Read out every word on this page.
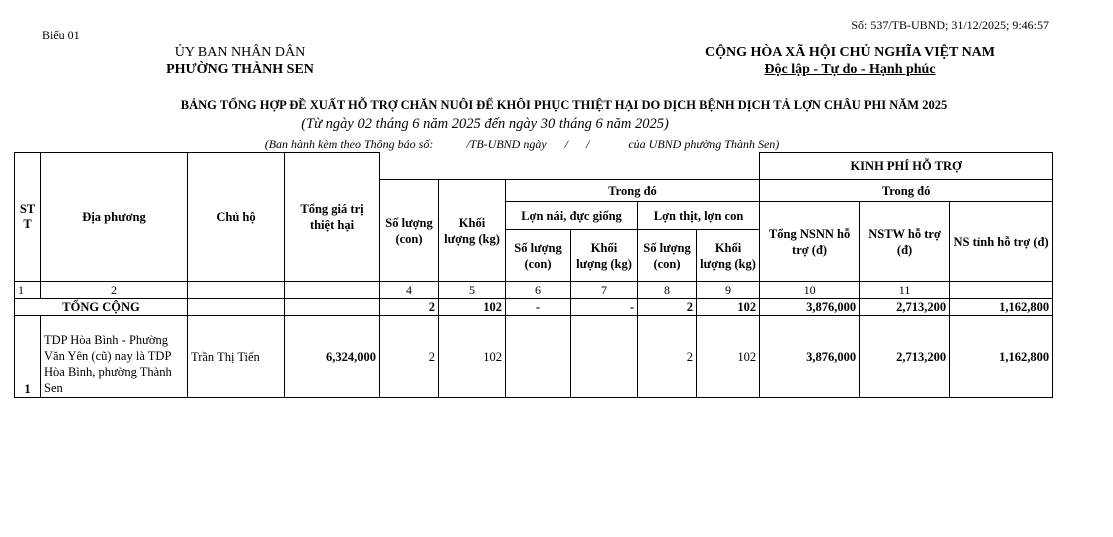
Số: 537/TB-UBND; 31/12/2025; 9:46:57
Biểu 01
ỦY BAN NHÂN DÂN
PHƯỜNG THÀNH SEN
CỘNG HÒA XÃ HỘI CHỦ NGHĨA VIỆT NAM
Độc lập - Tự do - Hạnh phúc
BẢNG TỔNG HỢP ĐỀ XUẤT HỖ TRỢ CHĂN NUÔI ĐỂ KHÔI PHỤC THIỆT HẠI DO DỊCH BỆNH DỊCH TẢ LỢN CHÂU PHI NĂM 2025
(Từ ngày 02 tháng 6 năm 2025 đến ngày 30 tháng 6 năm 2025)
(Ban hành kèm theo Thông báo số:           /TB-UBND ngày      /      /             của UBND phường Thành Sen)
STT	Địa phương	Chủ hộ	Tổng giá trị thiệt hại							KINH PHÍ HỖ TRỢ		
				Số lượng (con)	Khối lượng (kg)	Trong đó				Trong đó		
						Lợn nái, đực giống		Lợn thịt, lợn con		Tổng NSNN hỗ trợ (đ)	NSTW hỗ trợ (đ)	NS tỉnh hỗ trợ (đ)
						Số lượng (con)	Khối lượng (kg)	Số lượng (con)	Khối lượng (kg)			
1	2			4	5	6	7	8	9	10	11	
TỔNG CỘNG				2	102	-	-	2	102	3,876,000	2,713,200	1,162,800
1	TDP Hòa Bình - Phường Văn Yên (cũ) nay là TDP Hòa Bình, phường Thành Sen	Trần Thị Tiến	6,324,000	2	102			2	102	3,876,000	2,713,200	1,162,800
